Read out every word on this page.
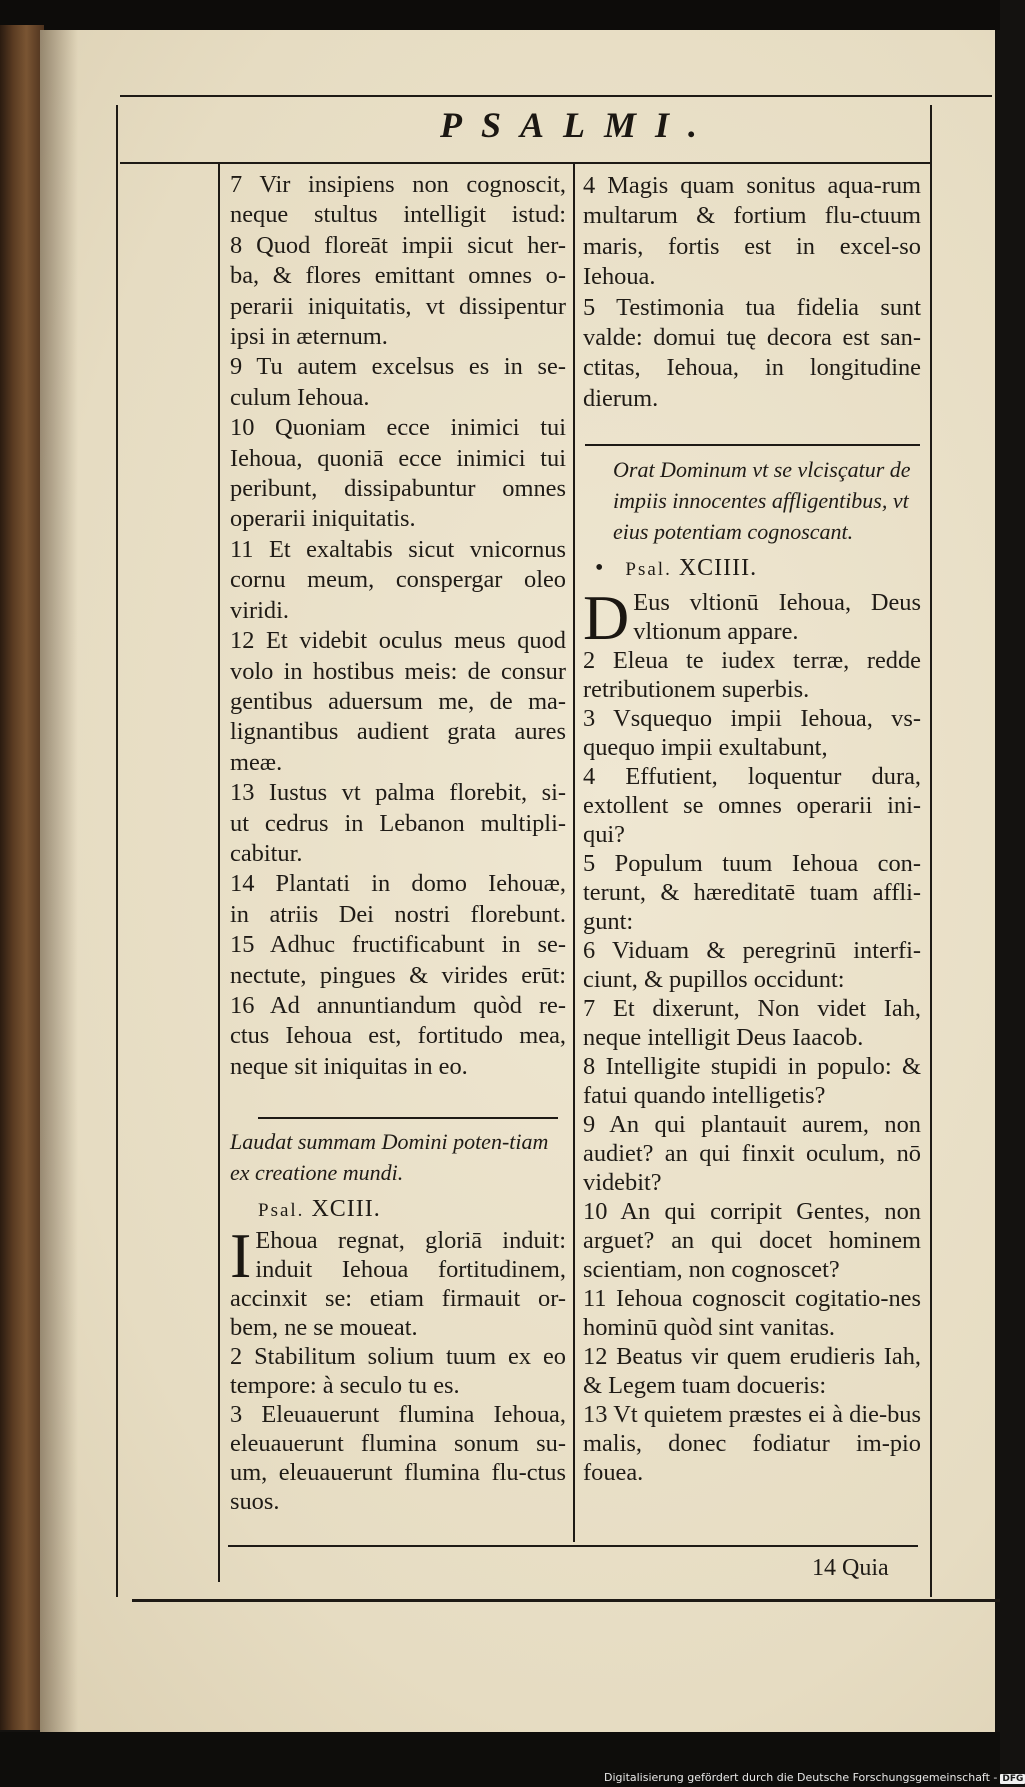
PSALMI.

7 Vir insipiens non cognoscit,

neque stultus intelligit istud:

8 Quod floreāt impii sicut her-

ba, & flores emittant omnes o-

perarii iniquitatis, vt dissipentur

ipsi in æternum.

9 Tu autem excelsus es in se-

culum Iehoua.

10 Quoniam ecce inimici tui

Iehoua, quoniā ecce inimici tui

peribunt, dissipabuntur omnes

operarii iniquitatis.

11 Et exaltabis sicut vnicornus

cornu meum, conspergar oleo

viridi.

12 Et videbit oculus meus quod

volo in hostibus meis: de consur

gentibus aduersum me, de ma-

lignantibus audient grata aures

meæ.

13 Iustus vt palma florebit, si-

ut cedrus in Lebanon multipli-

cabitur.

14 Plantati in domo Iehouæ,

in atriis Dei nostri florebunt.

15 Adhuc fructificabunt in se-

nectute, pingues & virides erūt:

16 Ad annuntiandum quòd re-

ctus Iehoua est, fortitudo mea,

neque sit iniquitas in eo.

Laudat summam Domini poten-tiam ex creatione mundi.

Psal. XCIII.

I Ehoua regnat, gloriā induit: induit Iehoua fortitudinem, accinxit se: etiam firmauit or-bem, ne se moueat.

2 Stabilitum solium tuum ex eo tempore: à seculo tu es.

3 Eleuauerunt flumina Iehoua, eleuauerunt flumina sonum su-um, eleuauerunt flumina flu-ctus suos.

4 Magis quam sonitus aqua-rum multarum & fortium flu-ctuum maris, fortis est in excel-so Iehoua.

5 Testimonia tua fidelia sunt valde: domui tuę decora est san-ctitas, Iehoua, in longitudine dierum.

Orat Dominum vt se vlcisçatur de impiis innocentes affligentibus, vt eius potentiam cognoscant.

• Psal. XCIIII.

D Eus vltionū Iehoua, Deus vltionum appare.

2 Eleua te iudex terræ, redde retributionem superbis.

3 Vsquequo impii Iehoua, vs-quequo impii exultabunt,

4 Effutient, loquentur dura, extollent se omnes operarii ini-qui?

5 Populum tuum Iehoua con-terunt, & hæreditatē tuam affli-gunt:

6 Viduam & peregrinū interfi-ciunt, & pupillos occidunt:

7 Et dixerunt, Non videt Iah, neque intelligit Deus Iaacob.

8 Intelligite stupidi in populo: & fatui quando intelligetis?

9 An qui plantauit aurem, non audiet? an qui finxit oculum, nō videbit?

10 An qui corripit Gentes, non arguet? an qui docet hominem scientiam, non cognoscet?

11 Iehoua cognoscit cogitatio-nes hominū quòd sint vanitas.

12 Beatus vir quem erudieris Iah, & Legem tuam docueris:

13 Vt quietem præstes ei à die-bus malis, donec fodiatur im-pio fouea.

14 Quia

Digitalisierung gefördert durch die Deutsche Forschungsgemeinschaft - DFG
